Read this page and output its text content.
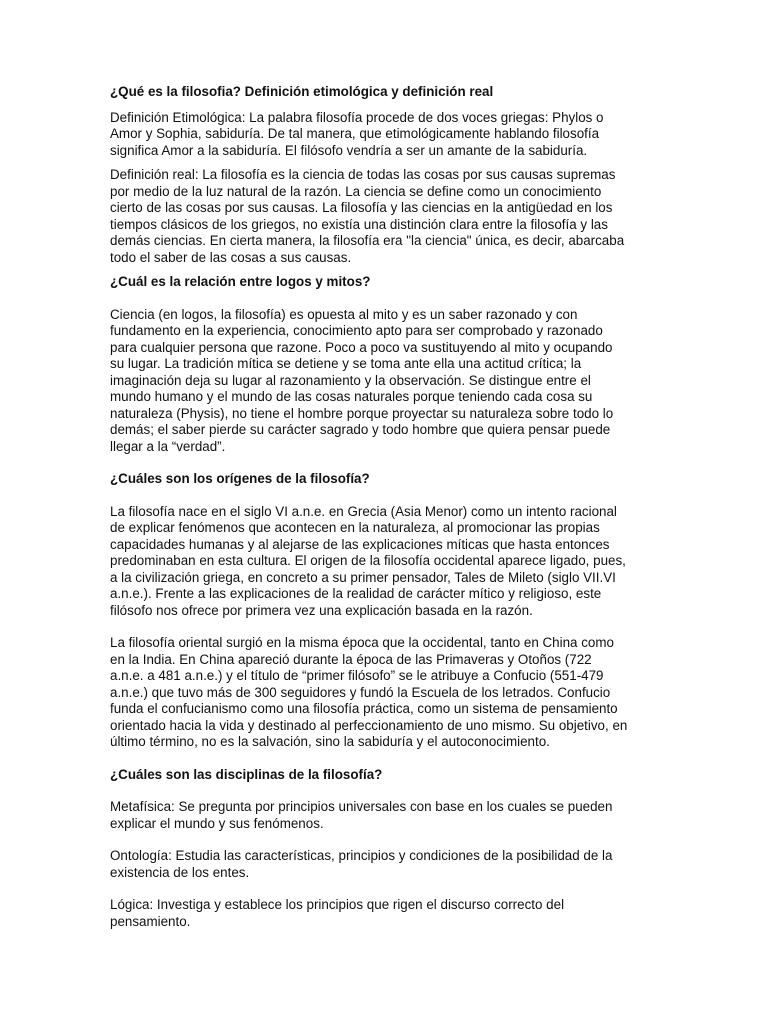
¿Qué es la filosofia? Definición etimológica y definición real

Definición Etimológica: La palabra filosofía procede de dos voces griegas: Phylos o
Amor y Sophia, sabiduría. De tal manera, que etimológicamente hablando filosofía
significa Amor a la sabiduría. El filósofo vendría a ser un amante de la sabiduría.

Definición real: La filosofía es la ciencia de todas las cosas por sus causas supremas
por medio de la luz natural de la razón. La ciencia se define como un conocimiento
cierto de las cosas por sus causas. La filosofía y las ciencias en la antigüedad en los
tiempos clásicos de los griegos, no existía una distinción clara entre la filosofía y las
demás ciencias. En cierta manera, la filosofía era "la ciencia" única, es decir, abarcaba
todo el saber de las cosas a sus causas.

¿Cuál es la relación entre logos y mitos?

Ciencia (en logos, la filosofía) es opuesta al mito y es un saber razonado y con
fundamento en la experiencia, conocimiento apto para ser comprobado y razonado
para cualquier persona que razone. Poco a poco va sustituyendo al mito y ocupando
su lugar. La tradición mítica se detiene y se toma ante ella una actitud crítica; la
imaginación deja su lugar al razonamiento y la observación. Se distingue entre el
mundo humano y el mundo de las cosas naturales porque teniendo cada cosa su
naturaleza (Physis), no tiene el hombre porque proyectar su naturaleza sobre todo lo
demás; el saber pierde su carácter sagrado y todo hombre que quiera pensar puede
llegar a la “verdad”.

¿Cuáles son los orígenes de la filosofía?

La filosofía nace en el siglo VI a.n.e. en Grecia (Asia Menor) como un intento racional
de explicar fenómenos que acontecen en la naturaleza, al promocionar las propias
capacidades humanas y al alejarse de las explicaciones míticas que hasta entonces
predominaban en esta cultura. El origen de la filosofía occidental aparece ligado, pues,
a la civilización griega, en concreto a su primer pensador, Tales de Mileto (siglo VII.VI
a.n.e.). Frente a las explicaciones de la realidad de carácter mítico y religioso, este
filósofo nos ofrece por primera vez una explicación basada en la razón.

La filosofía oriental surgió en la misma época que la occidental, tanto en China como
en la India. En China apareció durante la época de las Primaveras y Otoños (722
a.n.e. a 481 a.n.e.) y el título de “primer filósofo” se le atribuye a Confucio (551-479
a.n.e.) que tuvo más de 300 seguidores y fundó la Escuela de los letrados. Confucio
funda el confucianismo como una filosofía práctica, como un sistema de pensamiento
orientado hacia la vida y destinado al perfeccionamiento de uno mismo. Su objetivo, en
último término, no es la salvación, sino la sabiduría y el autoconocimiento.

¿Cuáles son las disciplinas de la filosofía?

Metafísica: Se pregunta por principios universales con base en los cuales se pueden
explicar el mundo y sus fenómenos.

Ontología: Estudia las características, principios y condiciones de la posibilidad de la
existencia de los entes.

Lógica: Investiga y establece los principios que rigen el discurso correcto del
pensamiento.
